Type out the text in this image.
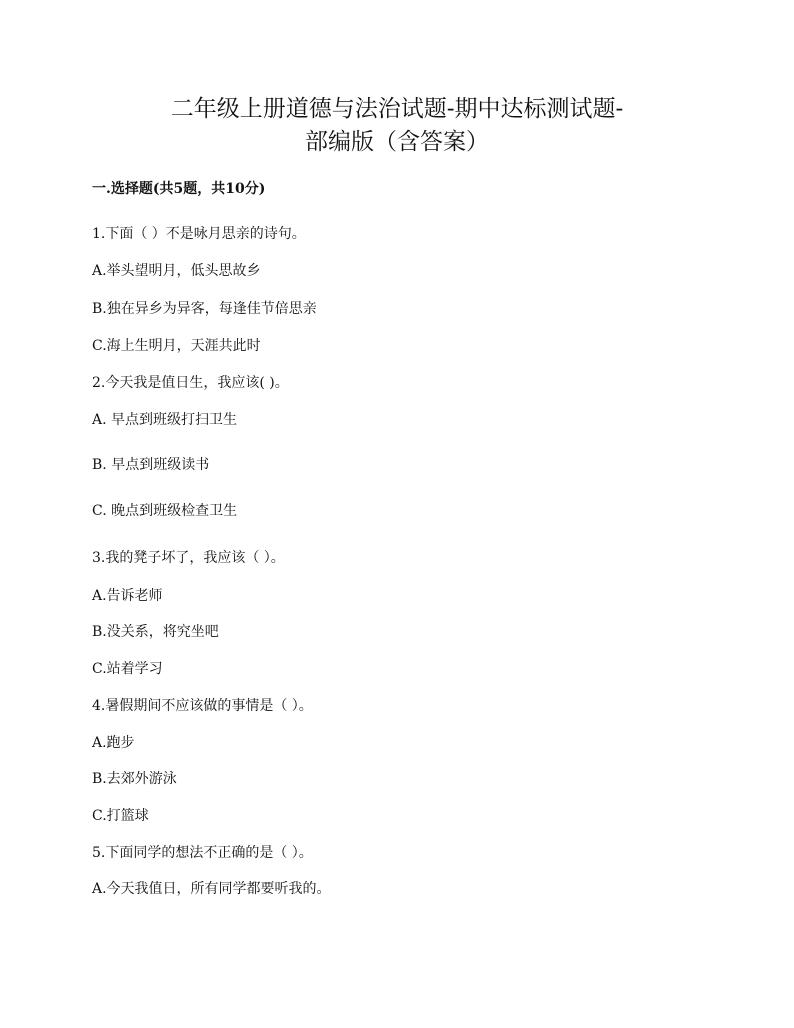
二年级上册道德与法治试题-期中达标测试题-
部编版（含答案）
一.选择题(共5题，共10分)
1.下面（ ）不是咏月思亲的诗句。
A.举头望明月，低头思故乡
B.独在异乡为异客，每逢佳节倍思亲
C.海上生明月，天涯共此时
2.今天我是值日生，我应该( )。
A. 早点到班级打扫卫生
B. 早点到班级读书
C. 晚点到班级检查卫生
3.我的凳子坏了，我应该（ ）。
A.告诉老师
B.没关系，将究坐吧
C.站着学习
4.暑假期间不应该做的事情是（ ）。
A.跑步
B.去郊外游泳
C.打篮球
5.下面同学的想法不正确的是（ ）。
A.今天我值日，所有同学都要听我的。
